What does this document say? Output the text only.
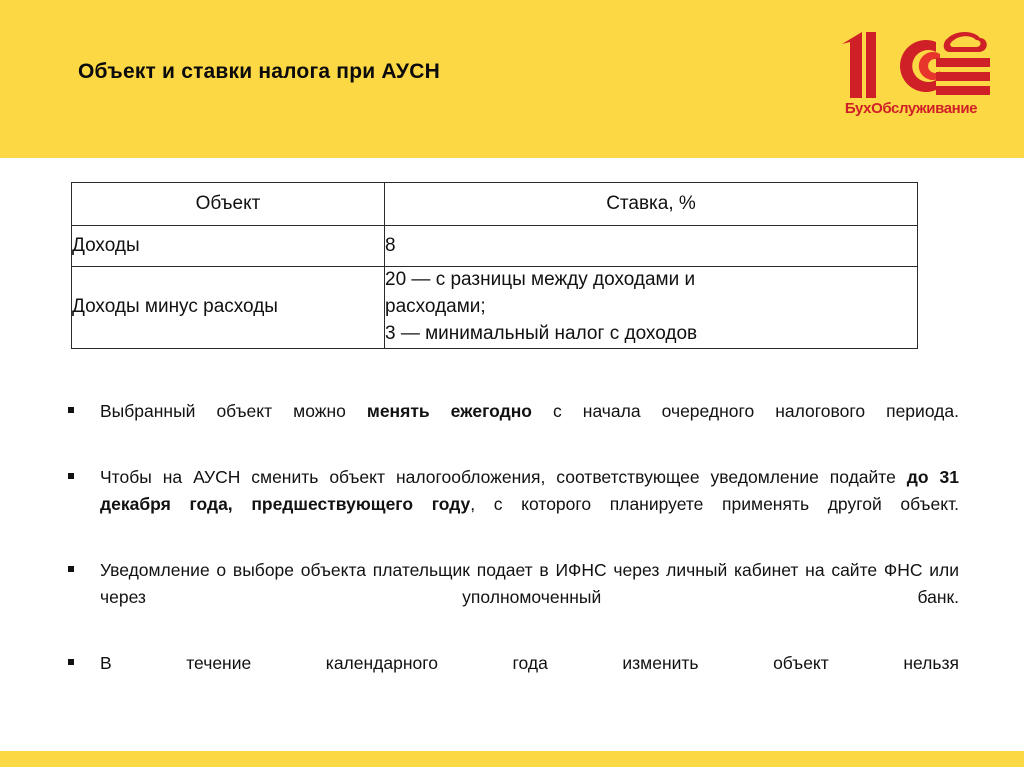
Объект и ставки налога при АУСН
БухОбслуживание
Объект	Ставка, %
Доходы	8
Доходы минус расходы	20 — с разницы между доходами и
расходами;
3 — минимальный налог с доходов
Выбранный объект можно менять ежегодно с начала очередного налогового периода.
Чтобы на АУСН сменить объект налогообложения, соответствующее уведомление подайте до 31 декабря года, предшествующего году, с которого планируете применять другой объект.
Уведомление о выборе объекта плательщик подает в ИФНС через личный кабинет на сайте ФНС или через уполномоченный банк.
В течение календарного года изменить объект нельзя
